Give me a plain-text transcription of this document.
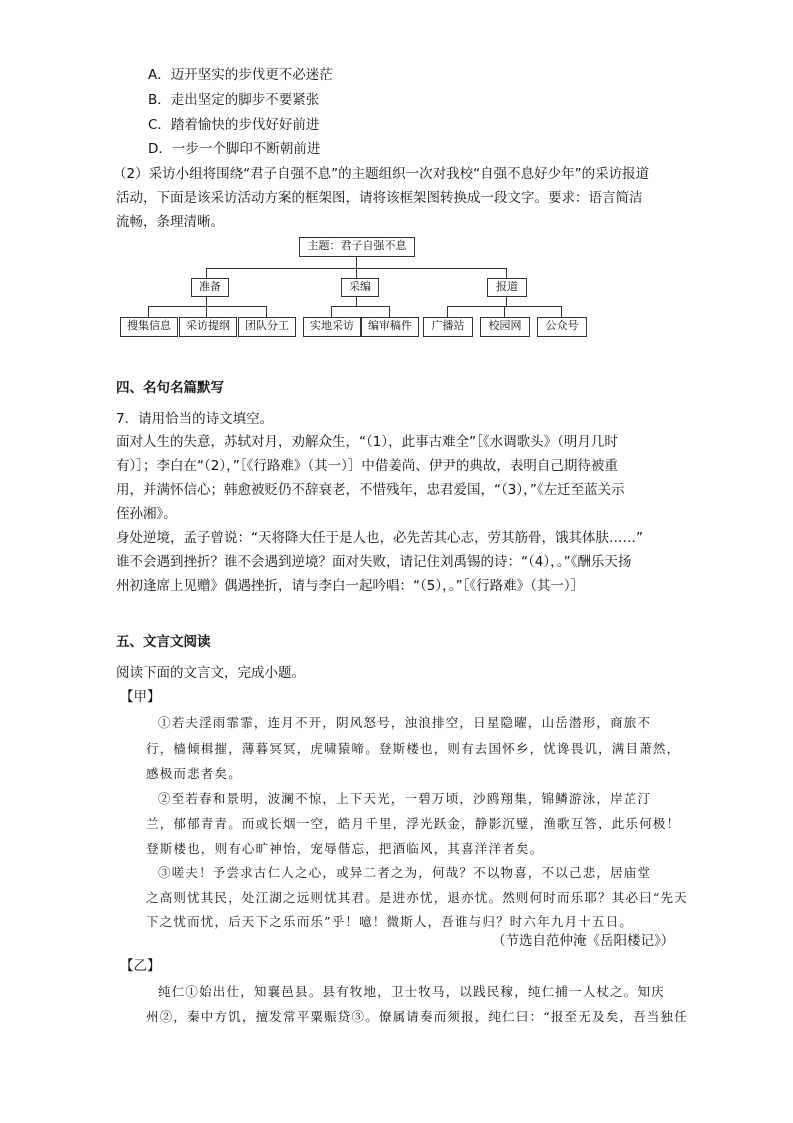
A．迈开坚实的步伐更不必迷茫
B．走出坚定的脚步不要紧张
C．踏着愉快的步伐好好前进
D．一步一个脚印不断朝前进
（2）采访小组将围绕“君子自强不息”的主题组织一次对我校“自强不息好少年”的采访报道
活动，下面是该采访活动方案的框架图，请将该框架图转换成一段文字。要求：语言简洁
流畅，条理清晰。
主题：君子自强不息
准备	采编	报道
搜集信息	采访提纲	团队分工	实地采访	编审稿件	广播站	校园网	公众号
四、名句名篇默写
7．请用恰当的诗文填空。
面对人生的失意，苏轼对月，劝解众生，“（1），此事古难全”［《水调歌头》（明月几时
有）］；李白在“（2），”［《行路难》（其一）］中借姜尚、伊尹的典故，表明自己期待被重
用，并满怀信心；韩愈被贬仍不辞衰老，不惜残年，忠君爱国，“（3），”《左迁至蓝关示
侄孙湘》。
身处逆境，孟子曾说：“天将降大任于是人也，必先苦其心志，劳其筋骨，饿其体肤……”
谁不会遇到挫折？谁不会遇到逆境？面对失败，请记住刘禹锡的诗：“（4），。”《酬乐天扬
州初逢席上见赠》偶遇挫折，请与李白一起吟唱：“（5），。”［《行路难》（其一）］
五、文言文阅读
阅读下面的文言文，完成小题。
【甲】
①若夫淫雨霏霏，连月不开，阴风怒号，浊浪排空，日星隐曜，山岳潜形，商旅不
行，樯倾楫摧，薄暮冥冥，虎啸猿啼。登斯楼也，则有去国怀乡，忧谗畏讥，满目萧然，
感极而悲者矣。
②至若春和景明，波澜不惊，上下天光，一碧万顷，沙鸥翔集，锦鳞游泳，岸芷汀
兰，郁郁青青。而或长烟一空，皓月千里，浮光跃金，静影沉璧，渔歌互答，此乐何极！
登斯楼也，则有心旷神怡，宠辱偕忘，把酒临风，其喜洋洋者矣。
③嗟夫！予尝求古仁人之心，或异二者之为，何哉？不以物喜，不以己悲，居庙堂
之高则忧其民，处江湖之远则忧其君。是进亦忧，退亦忧。然则何时而乐耶？其必曰“先天
下之忧而忧，后天下之乐而乐”乎！噫！微斯人，吾谁与归？时六年九月十五日。
（节选自范仲淹《岳阳楼记》）
【乙】
纯仁①始出仕，知襄邑县。县有牧地，卫士牧马，以践民稼，纯仁捕一人杖之。知庆
州②，秦中方饥，擅发常平粟赈贷③。僚属请奏而须报，纯仁曰：“报至无及矣，吾当独任
